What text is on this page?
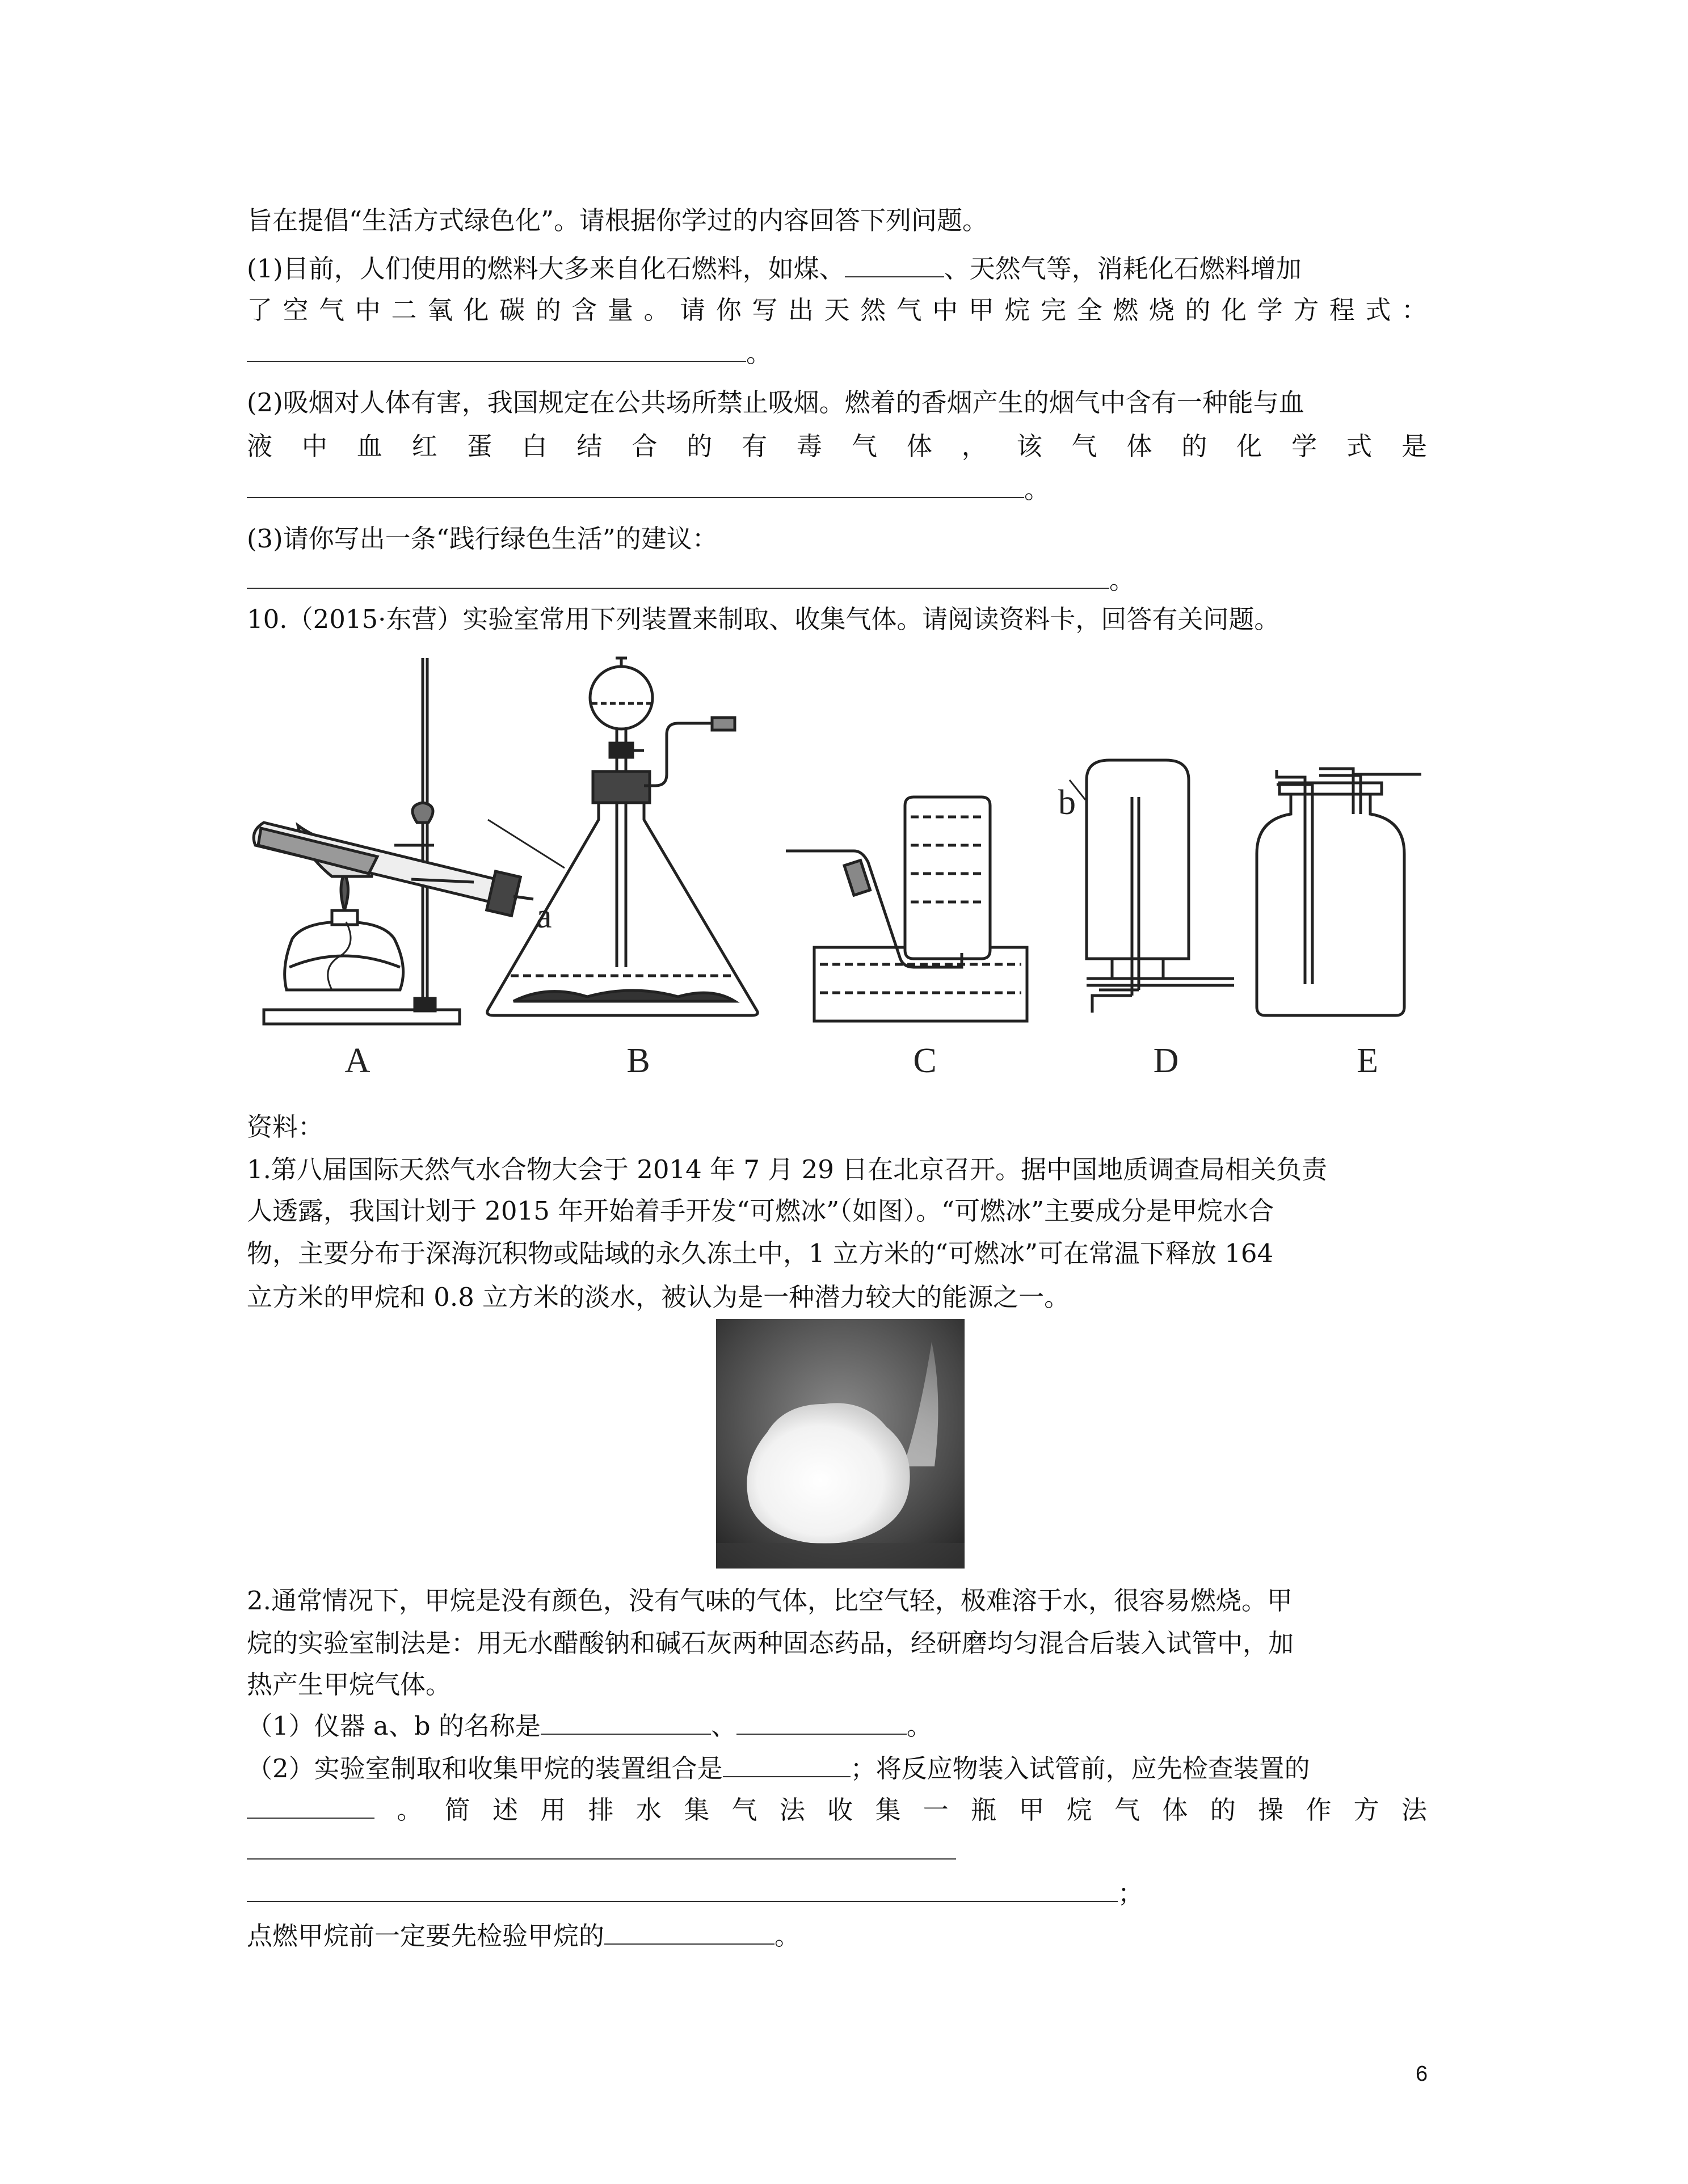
旨在提倡“生活方式绿色化”。请根据你学过的内容回答下列问题。
(1)目前，人们使用的燃料大多来自化石燃料，如煤、	、天然气等，消耗化石燃料增加
了空气中二氧化碳的含量。请你写出天然气中甲烷完全燃烧的化学方程式：
。
(2)吸烟对人体有害，我国规定在公共场所禁止吸烟。燃着的香烟产生的烟气中含有一种能与血
液中血红蛋白结合的有毒气体，该气体的化学式是
。
(3)请你写出一条“践行绿色生活”的建议：
。
10.（2015·东营）实验室常用下列装置来制取、收集气体。请阅读资料卡，回答有关问题。
A	B	C	D	E
a
b
资料：
1.第八届国际天然气水合物大会于 2014 年 7 月 29 日在北京召开。据中国地质调查局相关负责
人透露，我国计划于 2015 年开始着手开发“可燃冰”（如图）。“可燃冰”主要成分是甲烷水合
物，主要分布于深海沉积物或陆域的永久冻土中，1 立方米的“可燃冰”可在常温下释放 164
立方米的甲烷和 0.8 立方米的淡水，被认为是一种潜力较大的能源之一。
2.通常情况下，甲烷是没有颜色，没有气味的气体，比空气轻，极难溶于水，很容易燃烧。甲
烷的实验室制法是：用无水醋酸钠和碱石灰两种固态药品，经研磨均匀混合后装入试管中，加
热产生甲烷气体。
（1）仪器 a、b 的名称是	、	。
（2）实验室制取和收集甲烷的装置组合是	；将反应物装入试管前，应先检查装置的
。简述用排水集气法收集一瓶甲烷气体的操作方法
；
点燃甲烷前一定要先检验甲烷的	。
6
